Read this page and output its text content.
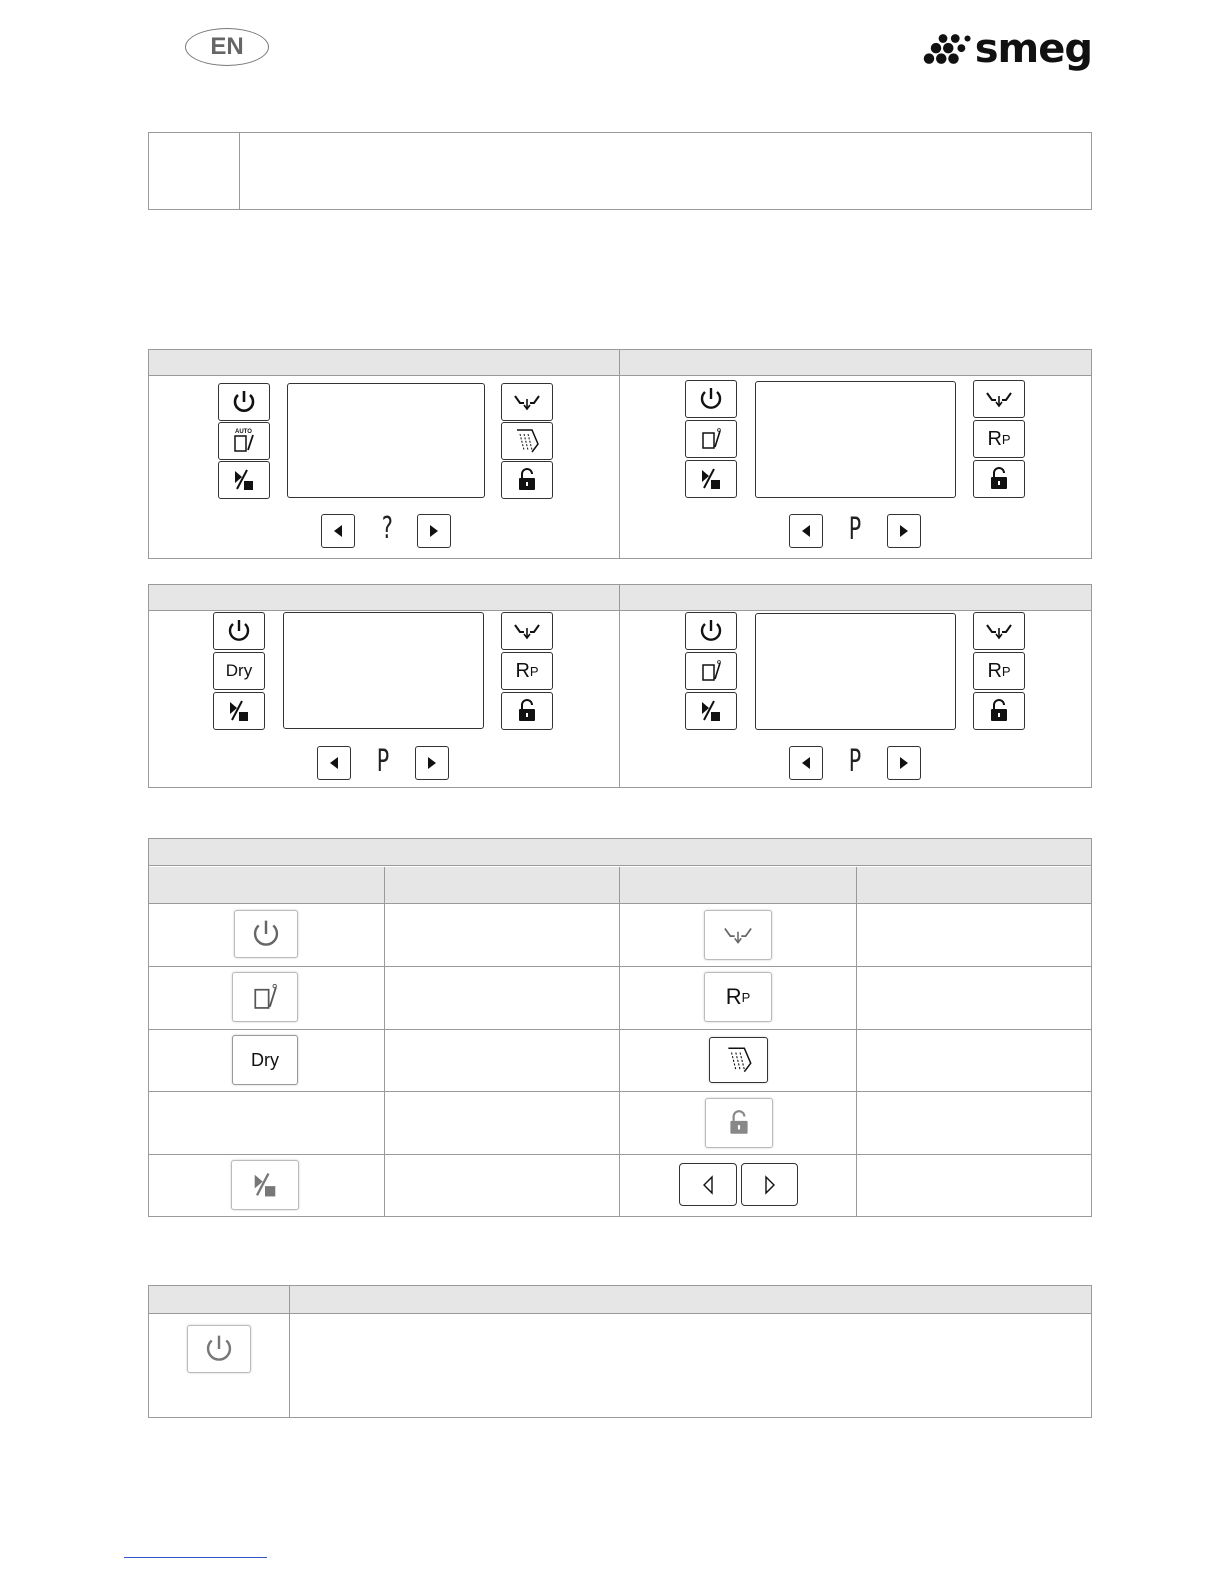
EN	smeg
AUTO
?
R P
P
Dry	R P
P
R P
P
Dry
R P
